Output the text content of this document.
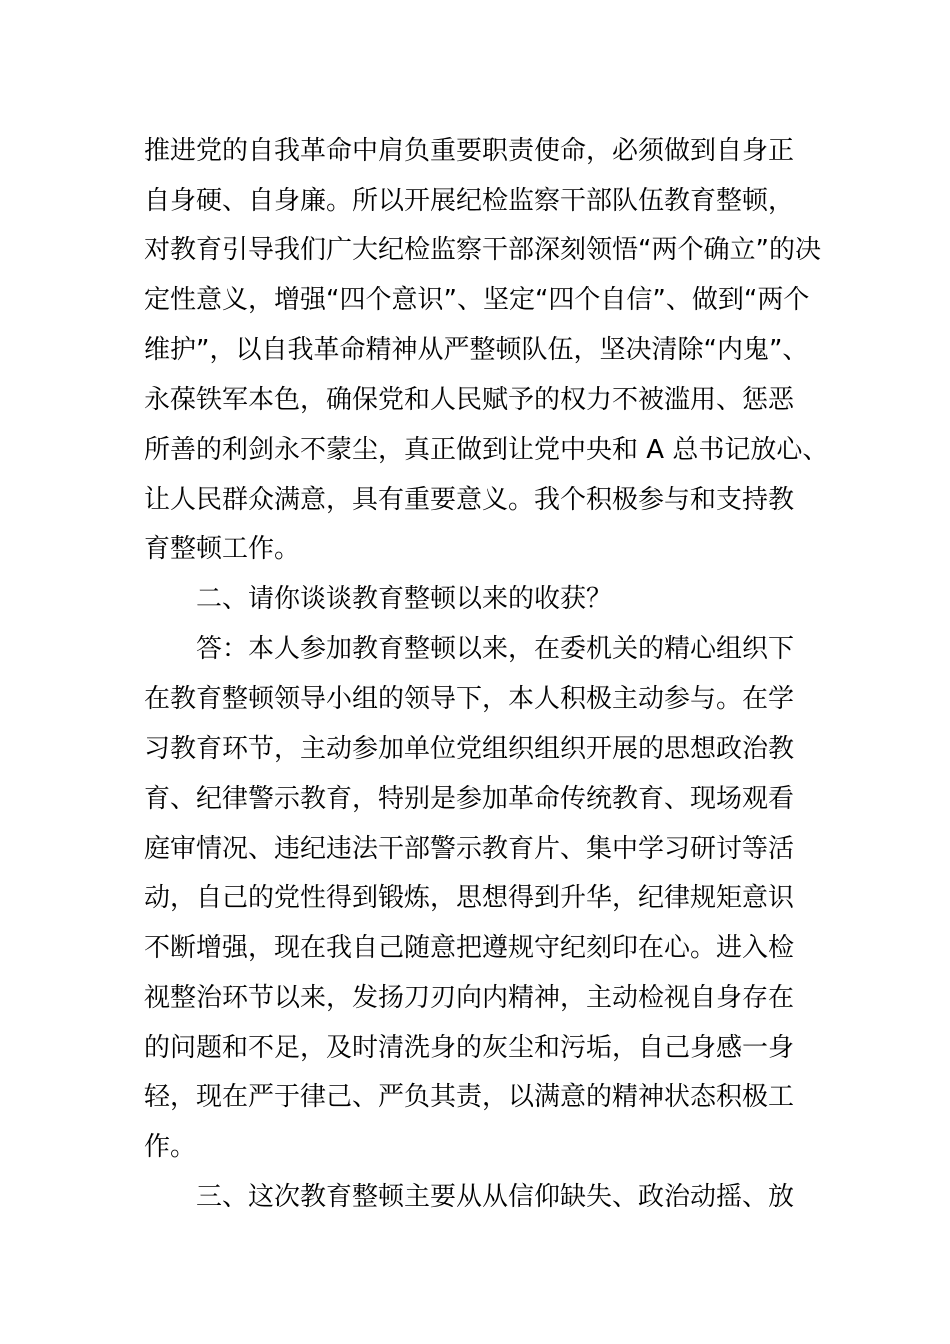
推进党的自我革命中肩负重要职责使命，必须做到自身正
自身硬、自身廉。所以开展纪检监察干部队伍教育整顿，
对教育引导我们广大纪检监察干部深刻领悟“两个确立”的决
定性意义，增强“四个意识”、坚定“四个自信”、做到“两个
维护”，以自我革命精神从严整顿队伍，坚决清除“内鬼”、
永葆铁军本色，确保党和人民赋予的权力不被滥用、惩恶
所善的利剑永不蒙尘，真正做到让党中央和 A 总书记放心、
让人民群众满意，具有重要意义。我个积极参与和支持教
育整顿工作。
二、请你谈谈教育整顿以来的收获？
答：本人参加教育整顿以来，在委机关的精心组织下
在教育整顿领导小组的领导下，本人积极主动参与。在学
习教育环节，主动参加单位党组织组织开展的思想政治教
育、纪律警示教育，特别是参加革命传统教育、现场观看
庭审情况、违纪违法干部警示教育片、集中学习研讨等活
动，自己的党性得到锻炼，思想得到升华，纪律规矩意识
不断增强，现在我自己随意把遵规守纪刻印在心。进入检
视整治环节以来，发扬刀刃向内精神，主动检视自身存在
的问题和不足，及时清洗身的灰尘和污垢，自己身感一身
轻，现在严于律己、严负其责，以满意的精神状态积极工
作。
三、这次教育整顿主要从从信仰缺失、政治动摇、放
